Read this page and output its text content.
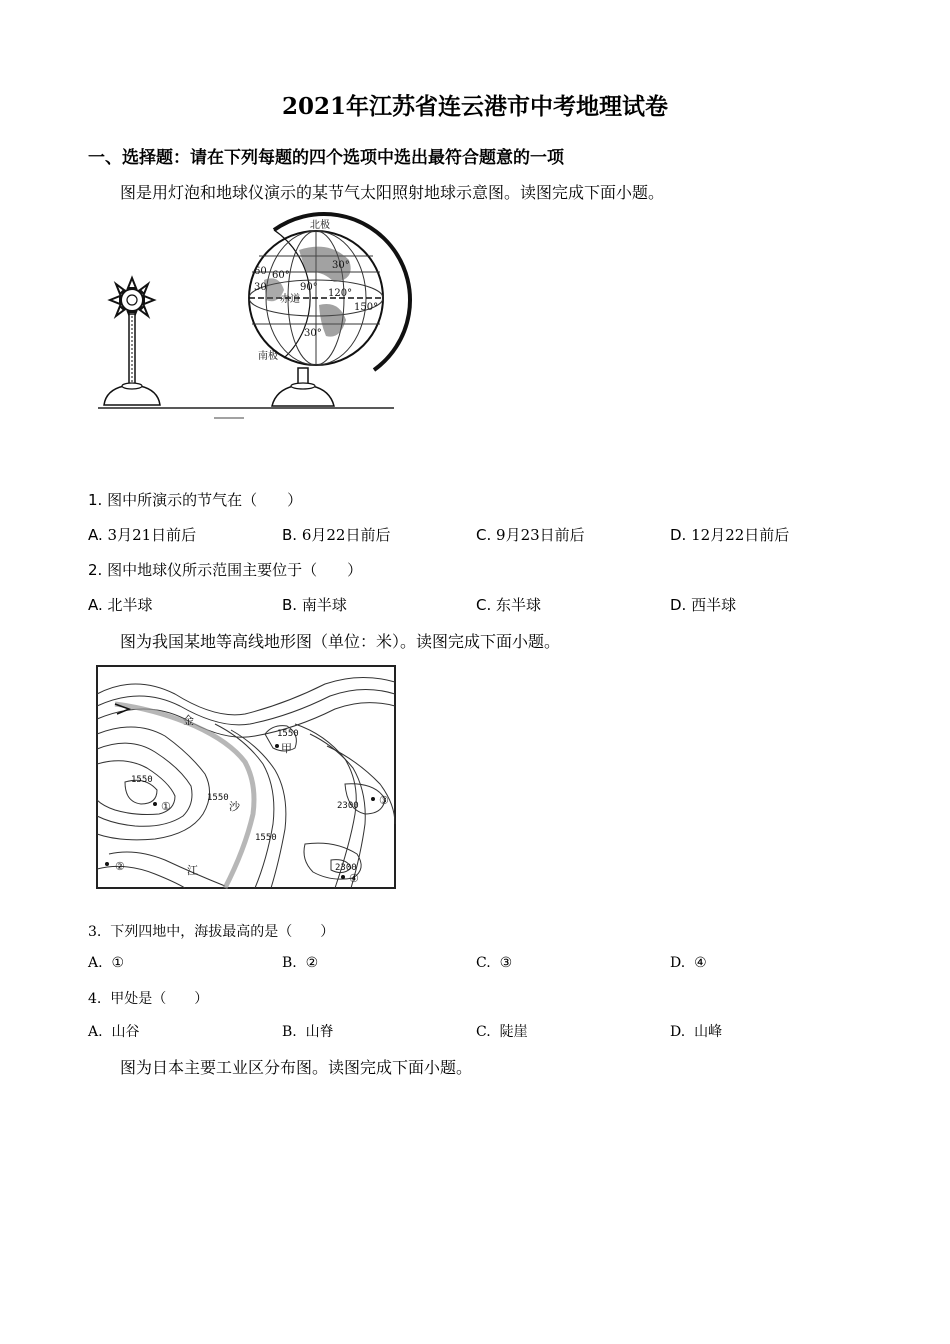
2021年江苏省连云港市中考地理试卷
一、选择题：请在下列每题的四个选项中选出最符合题意的一项
图是用灯泡和地球仪演示的某节气太阳照射地球示意图。读图完成下面小题。
北极
南极
赤道
30°
30°
60°
90°
120°
150°
60
30
1. 图中所演示的节气在（　　）
A. 3月21日前后	B. 6月22日前后	C. 9月23日前后	D. 12月22日前后
2. 图中地球仪所示范围主要位于（　　）
A. 北半球	B. 南半球	C. 东半球	D. 西半球
图为我国某地等高线地形图（单位：米）。读图完成下面小题。
1550
1550
1550
1550
2300
2300
甲
①
②
③
④
金
沙
江
3. 下列四地中，海拔最高的是（　　）
A. ①	B. ②	C. ③	D. ④
4. 甲处是（　　）
A. 山谷	B. 山脊	C. 陡崖	D. 山峰
图为日本主要工业区分布图。读图完成下面小题。
